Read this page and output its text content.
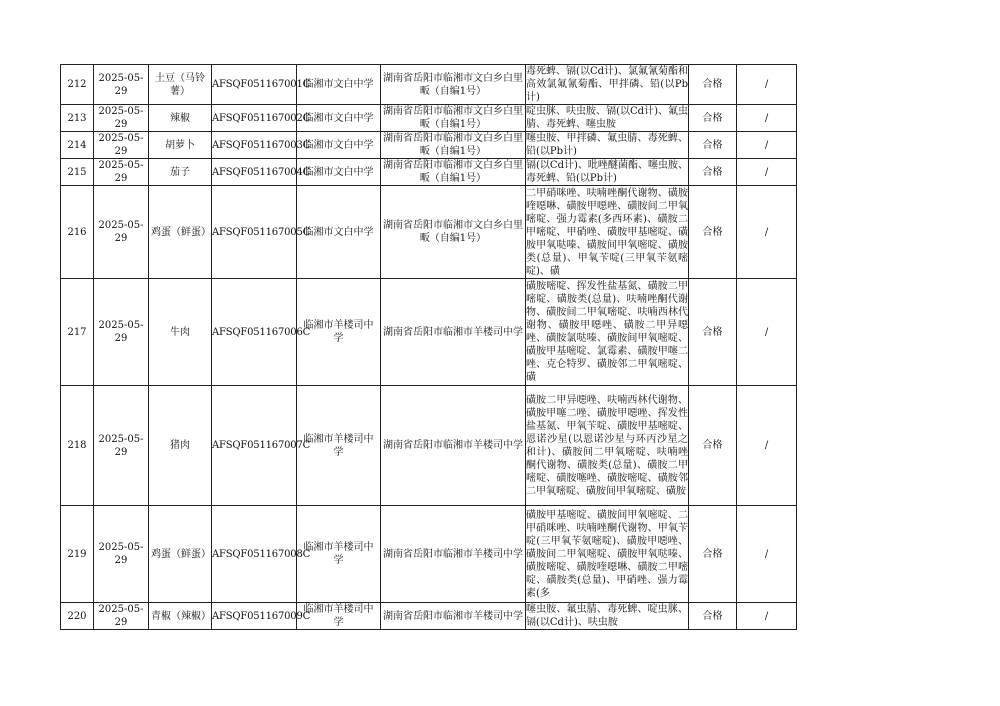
212	2025-05-29	土豆（马铃薯）	AFSQF051167001C	临湘市文白中学	湖南省岳阳市临湘市文白乡白里畈（自编1号）	毒死蜱、镉(以Cd计)、氯氟氰菊酯和高效氯氟氰菊酯、甲拌磷、铅(以Pb计)	合格	/

213	2025-05-29	辣椒	AFSQF051167002C	临湘市文白中学	湖南省岳阳市临湘市文白乡白里畈（自编1号）	啶虫脒、呋虫胺、镉(以Cd计)、氟虫腈、毒死蜱、噻虫胺	合格	/

214	2025-05-29	胡萝卜	AFSQF051167003C	临湘市文白中学	湖南省岳阳市临湘市文白乡白里畈（自编1号）	噻虫胺、甲拌磷、氟虫腈、毒死蜱、铅(以Pb计)	合格	/

215	2025-05-29	茄子	AFSQF051167004C	临湘市文白中学	湖南省岳阳市临湘市文白乡白里畈（自编1号）	镉(以Cd计)、吡唑醚菌酯、噻虫胺、毒死蜱、铅(以Pb计)	合格	/

216	2025-05-29	鸡蛋（鲜蛋）	AFSQF051167005C	临湘市文白中学	湖南省岳阳市临湘市文白乡白里畈（自编1号）	二甲硝咪唑、呋喃唑酮代谢物、磺胺喹噁啉、磺胺甲噁唑、磺胺间二甲氧嘧啶、强力霉素(多西环素)、磺胺二甲嘧啶、甲硝唑、磺胺甲基嘧啶、磺胺甲氧哒嗪、磺胺间甲氧嘧啶、磺胺类(总量)、甲氧苄啶(三甲氧苄氨嘧啶)、磺	合格	/

217	2025-05-29	牛肉	AFSQF051167006C	临湘市羊楼司中学	湖南省岳阳市临湘市羊楼司中学	磺胺嘧啶、挥发性盐基氮、磺胺二甲嘧啶、磺胺类(总量)、呋喃唑酮代谢物、磺胺间二甲氧嘧啶、呋喃西林代谢物、磺胺甲噁唑、磺胺二甲异噁唑、磺胺氯哒嗪、磺胺间甲氧嘧啶、磺胺甲基嘧啶、氯霉素、磺胺甲噻二唑、克仑特罗、磺胺邻二甲氧嘧啶、磺	合格	/

218	2025-05-29	猪肉	AFSQF051167007C	临湘市羊楼司中学	湖南省岳阳市临湘市羊楼司中学	磺胺二甲异噁唑、呋喃西林代谢物、磺胺甲噻二唑、磺胺甲噁唑、挥发性盐基氮、甲氧苄啶、磺胺甲基嘧啶、恩诺沙星(以恩诺沙星与环丙沙星之和计)、磺胺间二甲氧嘧啶、呋喃唑酮代谢物、磺胺类(总量)、磺胺二甲嘧啶、磺胺噻唑、磺胺嘧啶、磺胺邻二甲氧嘧啶、磺胺间甲氧嘧啶、磺胺	合格	/

219	2025-05-29	鸡蛋（鲜蛋）	AFSQF051167008C	临湘市羊楼司中学	湖南省岳阳市临湘市羊楼司中学	磺胺甲基嘧啶、磺胺间甲氧嘧啶、二甲硝咪唑、呋喃唑酮代谢物、甲氧苄啶(三甲氧苄氨嘧啶)、磺胺甲噁唑、磺胺间二甲氧嘧啶、磺胺甲氧哒嗪、磺胺嘧啶、磺胺喹噁啉、磺胺二甲嘧啶、磺胺类(总量)、甲硝唑、强力霉素(多	合格	/

220	2025-05-29	青椒（辣椒）	AFSQF051167009C	临湘市羊楼司中学	湖南省岳阳市临湘市羊楼司中学	噻虫胺、氟虫腈、毒死蜱、啶虫脒、镉(以Cd计)、呋虫胺	合格	/
